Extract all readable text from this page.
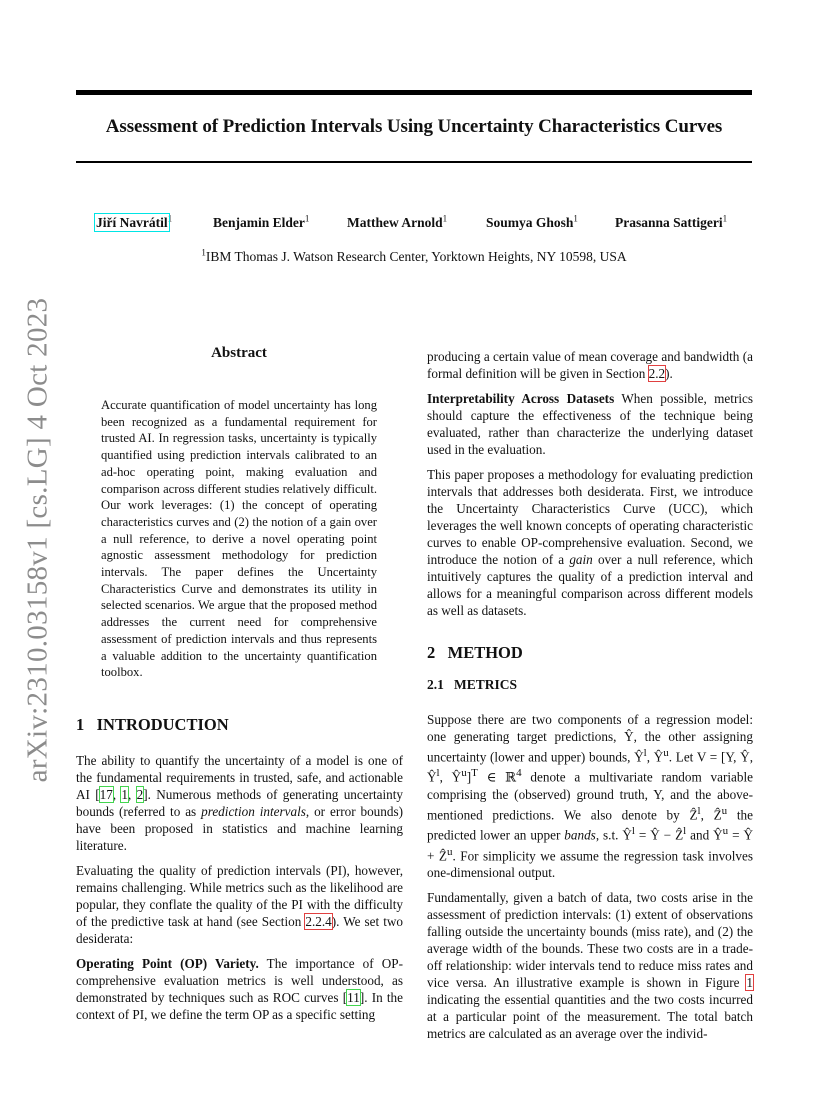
Assessment of Prediction Intervals Using Uncertainty Characteristics Curves
Jiří Navrátil$^1$	Benjamin Elder$^1$	Matthew Arnold$^1$	Soumya Ghosh$^1$	Prasanna Sattigeri$^1$
$^1$IBM Thomas J. Watson Research Center, Yorktown Heights, NY 10598, USA
arXiv:2310.03158v1 [cs.LG] 4 Oct 2023	Abstract
Accurate quantification of model uncertainty has long been recognized as a fundamental requirement for trusted AI. In regression tasks, uncertainty is typically quantified using prediction intervals calibrated to an ad-hoc operating point, making evaluation and comparison across different studies relatively difficult. Our work leverages: (1) the concept of operating characteristics curves and (2) the notion of a gain over a null reference, to derive a novel operating point agnostic assessment methodology for prediction intervals. The paper defines the Uncertainty Characteristics Curve and demonstrates its utility in selected scenarios. We argue that the proposed method addresses the current need for comprehensive assessment of prediction intervals and thus represents a valuable addition to the uncertainty quantification toolbox.
1 INTRODUCTION

The ability to quantify the uncertainty of a model is one of the fundamental requirements in trusted, safe, and actionable AI [17, 1, 2]. Numerous methods of generating uncertainty bounds (referred to as prediction intervals, or error bounds) have been proposed in statistics and machine learning literature.

Evaluating the quality of prediction intervals (PI), however, remains challenging. While metrics such as the likelihood are popular, they conflate the quality of the PI with the difficulty of the predictive task at hand (see Section 2.2.4). We set two desiderata:

Operating Point (OP) Variety. The importance of OP-comprehensive evaluation metrics is well understood, as demonstrated by techniques such as ROC curves [11]. In the context of PI, we define the term OP as a specific setting

producing a certain value of mean coverage and bandwidth (a formal definition will be given in Section 2.2).

Interpretability Across Datasets When possible, metrics should capture the effectiveness of the technique being evaluated, rather than characterize the underlying dataset used in the evaluation.

This paper proposes a methodology for evaluating prediction intervals that addresses both desiderata. First, we introduce the Uncertainty Characteristics Curve (UCC), which leverages the well known concepts of operating characteristic curves to enable OP-comprehensive evaluation. Second, we introduce the notion of a gain over a null reference, which intuitively captures the quality of a prediction interval and allows for a meaningful comparison across different models as well as datasets.

2 METHOD
2.1 METRICS

Suppose there are two components of a regression model: one generating target predictions, Ŷ, the other assigning uncertainty (lower and upper) bounds, $Ŷ^l$, $Ŷ^u$. Let V = [Y, Ŷ, $Ŷ^l$, $Ŷ^u]^T$ ∈ ℝ$^4$ denote a multivariate random variable comprising the (observed) ground truth, Y, and the above-mentioned predictions. We also denote by Ẑ$^l$, Ẑ$^u$ the predicted lower an upper bands, s.t. $Ŷ^l$ = Ŷ − Ẑ$^l$ and $Ŷ^u$ = Ŷ + Ẑ$^u$. For simplicity we assume the regression task involves one-dimensional output.

Fundamentally, given a batch of data, two costs arise in the assessment of prediction intervals: (1) extent of observations falling outside the uncertainty bounds (miss rate), and (2) the average width of the bounds. These two costs are in a trade-off relationship: wider intervals tend to reduce miss rates and vice versa. An illustrative example is shown in Figure 1 indicating the essential quantities and the two costs incurred at a particular point of the measurement. The total batch metrics are calculated as an average over the individ-
